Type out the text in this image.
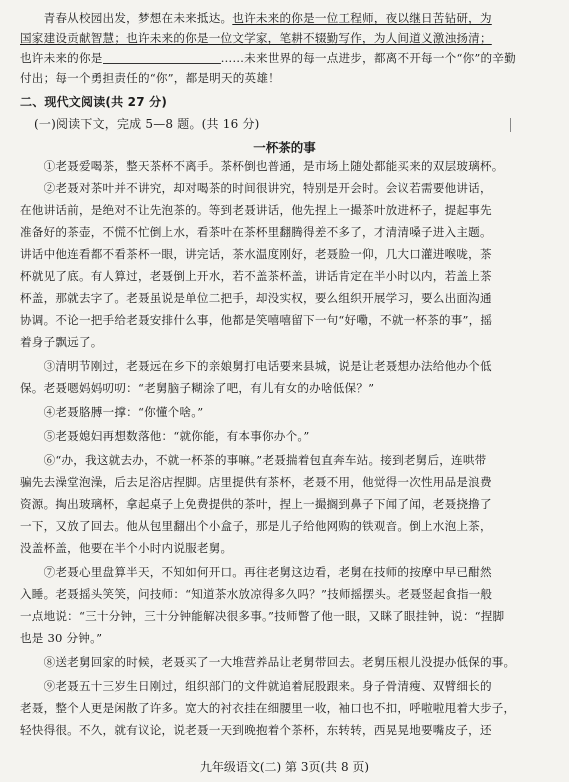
　　青春从校园出发，梦想在未来抵达。也许未来的你是一位工程师，夜以继日苦钻研，为
国家建设贡献智慧；也许未来的你是一位文学家，笔耕不辍勤写作，为人间道义激浊扬清；
也许未来的你是	……未来世界的每一点进步，都离不开每一个“你”的辛勤
付出；每一个勇担责任的“你”，都是明天的英雄！
二、现代文阅读(共 27 分)
(一)阅读下文，完成 5—8 题。(共 16 分)
一杯茶的事
　　①老聂爱喝茶，整天茶杯不离手。茶杯倒也普通，是市场上随处都能买来的双层玻璃杯。
　　②老聂对茶叶并不讲究，却对喝茶的时间很讲究，特别是开会时。会议若需要他讲话，
在他讲话前，是绝对不让先泡茶的。等到老聂讲话，他先捏上一撮茶叶放进杯子，提起事先
准备好的茶壶，不慌不忙倒上水，看茶叶在茶杯里翻腾得差不多了，才清清嗓子进入主题。
讲话中他连看都不看茶杯一眼，讲完话，茶水温度刚好，老聂脸一仰，几大口灌进喉咙，茶
杯就见了底。有人算过，老聂倒上开水，若不盖茶杯盖，讲话肯定在半小时以内，若盖上茶
杯盖，那就去字了。老聂虽说是单位二把手，却没实权，要么组织开展学习，要么出面沟通
协调。不论一把手给老聂安排什么事，他都是笑嘻嘻留下一句“好嘞，不就一杯茶的事”，摇
着身子飘远了。
　　③清明节刚过，老聂远在乡下的亲娘舅打电话要来县城，说是让老聂想办法给他办个低
保。老聂嗯妈妈叨叨：“老舅脑子糊涂了吧，有儿有女的办啥低保？”
　　④老聂胳膊一撑：“你懂个啥。”
　　⑤老聂媳妇再想数落他：“就你能，有本事你办个。”
　　⑥“办，我这就去办，不就一杯茶的事嘛。”老聂揣着包直奔车站。接到老舅后，连哄带
骗先去澡堂泡澡，后去足浴店捏脚。店里提供有茶杯，老聂不用，他觉得一次性用品是浪费
资源。掏出玻璃杯，拿起桌子上免费提供的茶叶，捏上一撮搁到鼻子下闻了闻，老聂挠撸了
一下，又放了回去。他从包里翻出个小盒子，那是儿子给他网购的铁观音。倒上水泡上茶，
没盖杯盖，他要在半个小时内说服老舅。
　　⑦老聂心里盘算半天，不知如何开口。再往老舅这边看，老舅在技师的按摩中早已酣然
入睡。老聂摇头笑笑，问技师：“知道茶水放凉得多久吗？”技师摇摆头。老聂竖起食指一般
一点地说：“三十分钟，三十分钟能解决很多事。”技师瞥了他一眼，又眯了眼挂钟，说：“捏脚
也是 30 分钟。”
　　⑧送老舅回家的时候，老聂买了一大堆营养品让老舅带回去。老舅压根儿没提办低保的事。
　　⑨老聂五十三岁生日刚过，组织部门的文件就追着屁股跟来。身子骨清瘦、双臂细长的
老聂，整个人更是闲散了许多。宽大的衬衣挂在细腰里一收，袖口也不扣，呼啦啦甩着大步子，
轻快得很。不久，就有议论，说老聂一天到晚抱着个茶杯，东转转，西晃晃地要嘴皮子，还
九年级语文(二) 第 3页(共 8 页)
